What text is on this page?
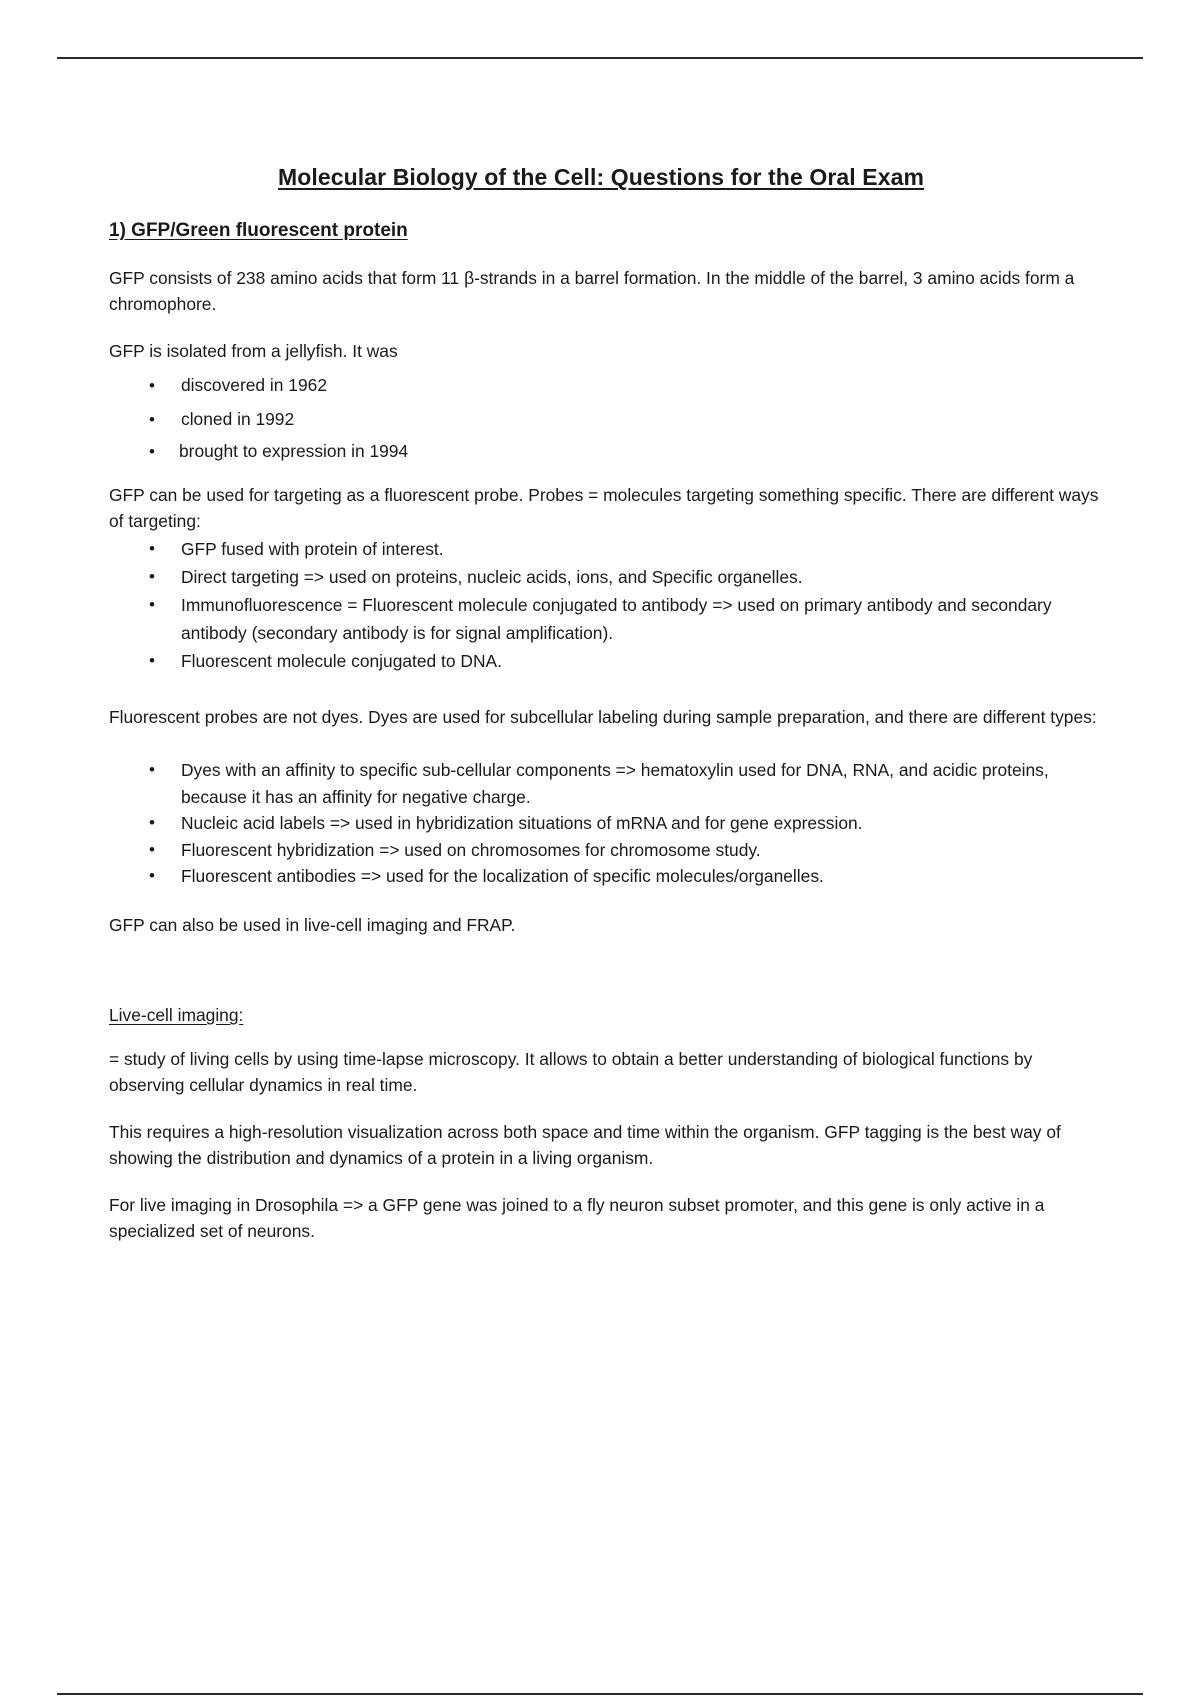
Molecular Biology of the Cell: Questions for the Oral Exam
1) GFP/Green fluorescent protein

GFP consists of 238 amino acids that form 11 β-strands in a barrel formation. In the middle of the barrel, 3 amino acids form a chromophore.

GFP is isolated from a jellyfish. It was

• discovered in 1962
• cloned in 1992
• brought to expression in 1994

GFP can be used for targeting as a fluorescent probe. Probes = molecules targeting something specific. There are different ways of targeting:

• GFP fused with protein of interest.
• Direct targeting => used on proteins, nucleic acids, ions, and Specific organelles.
• Immunofluorescence = Fluorescent molecule conjugated to antibody => used on primary antibody and secondary antibody (secondary antibody is for signal amplification).
• Fluorescent molecule conjugated to DNA.

Fluorescent probes are not dyes. Dyes are used for subcellular labeling during sample preparation, and there are different types:

• Dyes with an affinity to specific sub-cellular components => hematoxylin used for DNA, RNA, and acidic proteins, because it has an affinity for negative charge.
• Nucleic acid labels => used in hybridization situations of mRNA and for gene expression.
• Fluorescent hybridization => used on chromosomes for chromosome study.
• Fluorescent antibodies => used for the localization of specific molecules/organelles.

GFP can also be used in live-cell imaging and FRAP.

Live-cell imaging:

= study of living cells by using time-lapse microscopy. It allows to obtain a better understanding of biological functions by observing cellular dynamics in real time.

This requires a high-resolution visualization across both space and time within the organism. GFP tagging is the best way of showing the distribution and dynamics of a protein in a living organism.

For live imaging in Drosophila => a GFP gene was joined to a fly neuron subset promoter, and this gene is only active in a specialized set of neurons.
